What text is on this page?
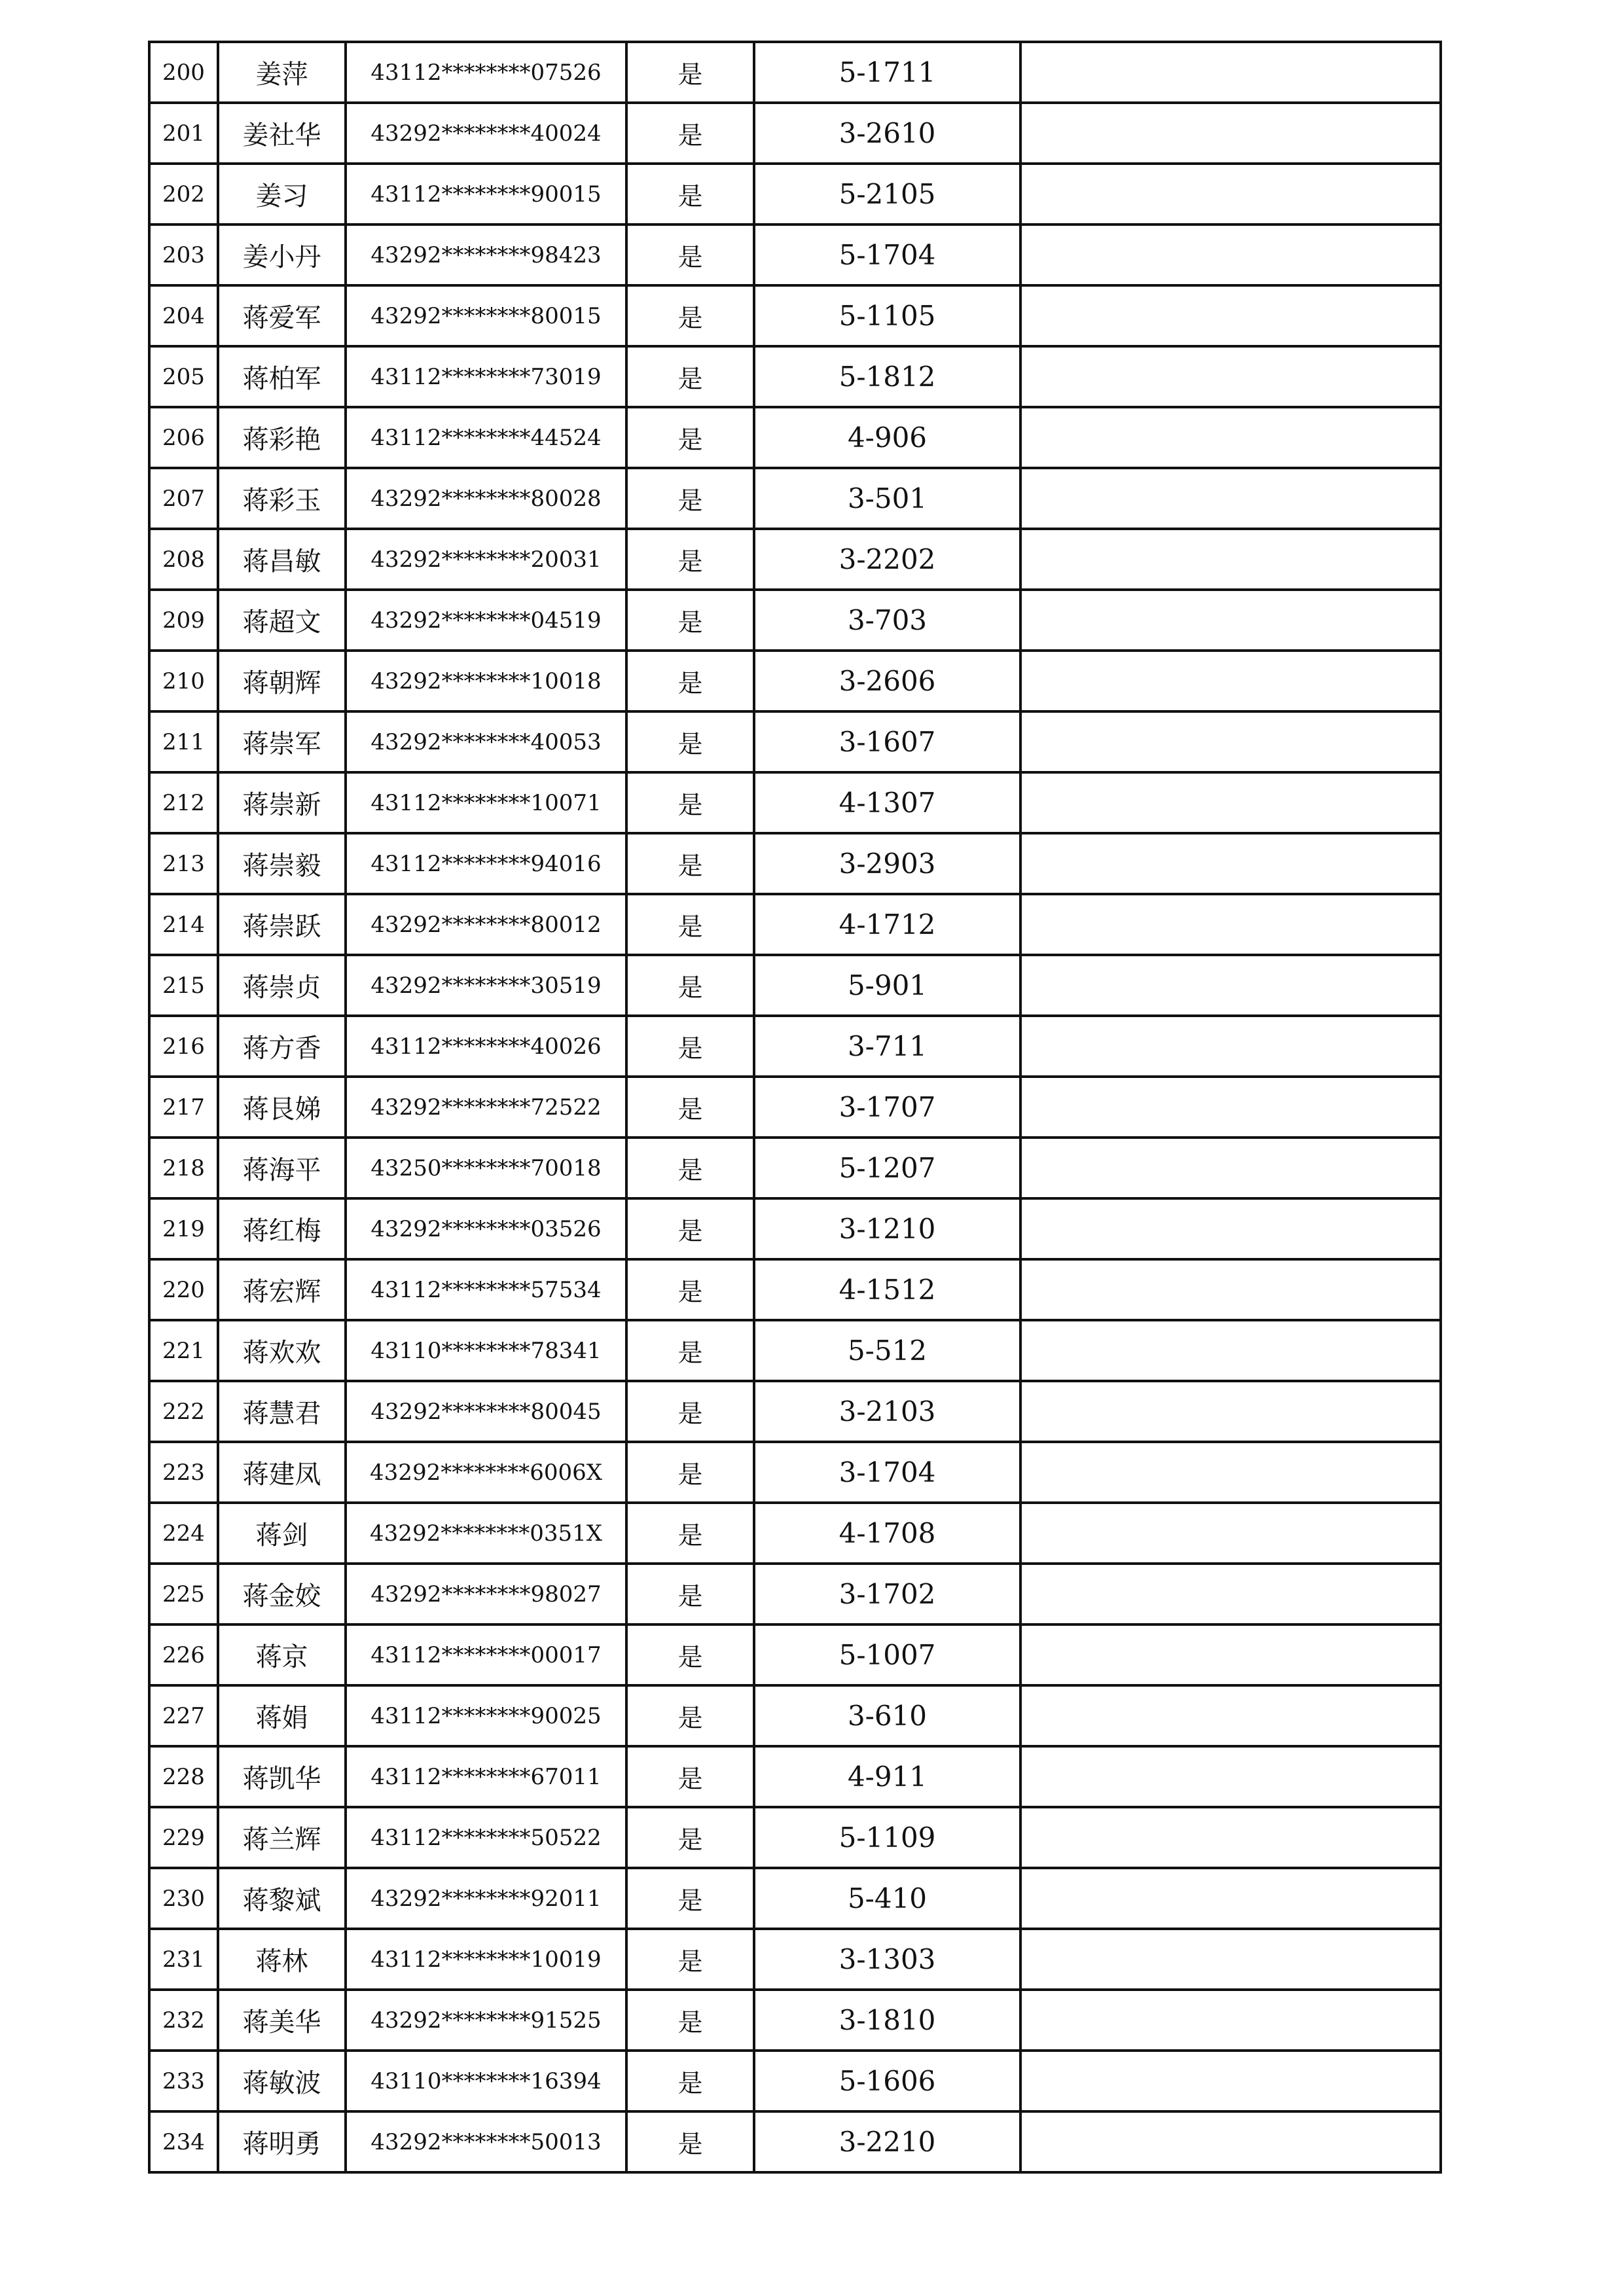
200	姜萍	43112********07526	是	5-1711	
201	姜社华	43292********40024	是	3-2610	
202	姜习	43112********90015	是	5-2105	
203	姜小丹	43292********98423	是	5-1704	
204	蒋爱军	43292********80015	是	5-1105	
205	蒋柏军	43112********73019	是	5-1812	
206	蒋彩艳	43112********44524	是	4-906	
207	蒋彩玉	43292********80028	是	3-501	
208	蒋昌敏	43292********20031	是	3-2202	
209	蒋超文	43292********04519	是	3-703	
210	蒋朝辉	43292********10018	是	3-2606	
211	蒋崇军	43292********40053	是	3-1607	
212	蒋崇新	43112********10071	是	4-1307	
213	蒋崇毅	43112********94016	是	3-2903	
214	蒋崇跃	43292********80012	是	4-1712	
215	蒋崇贞	43292********30519	是	5-901	
216	蒋方香	43112********40026	是	3-711	
217	蒋艮娣	43292********72522	是	3-1707	
218	蒋海平	43250********70018	是	5-1207	
219	蒋红梅	43292********03526	是	3-1210	
220	蒋宏辉	43112********57534	是	4-1512	
221	蒋欢欢	43110********78341	是	5-512	
222	蒋慧君	43292********80045	是	3-2103	
223	蒋建凤	43292********6006X	是	3-1704	
224	蒋剑	43292********0351X	是	4-1708	
225	蒋金姣	43292********98027	是	3-1702	
226	蒋京	43112********00017	是	5-1007	
227	蒋娟	43112********90025	是	3-610	
228	蒋凯华	43112********67011	是	4-911	
229	蒋兰辉	43112********50522	是	5-1109	
230	蒋黎斌	43292********92011	是	5-410	
231	蒋林	43112********10019	是	3-1303	
232	蒋美华	43292********91525	是	3-1810	
233	蒋敏波	43110********16394	是	5-1606	
234	蒋明勇	43292********50013	是	3-2210	
